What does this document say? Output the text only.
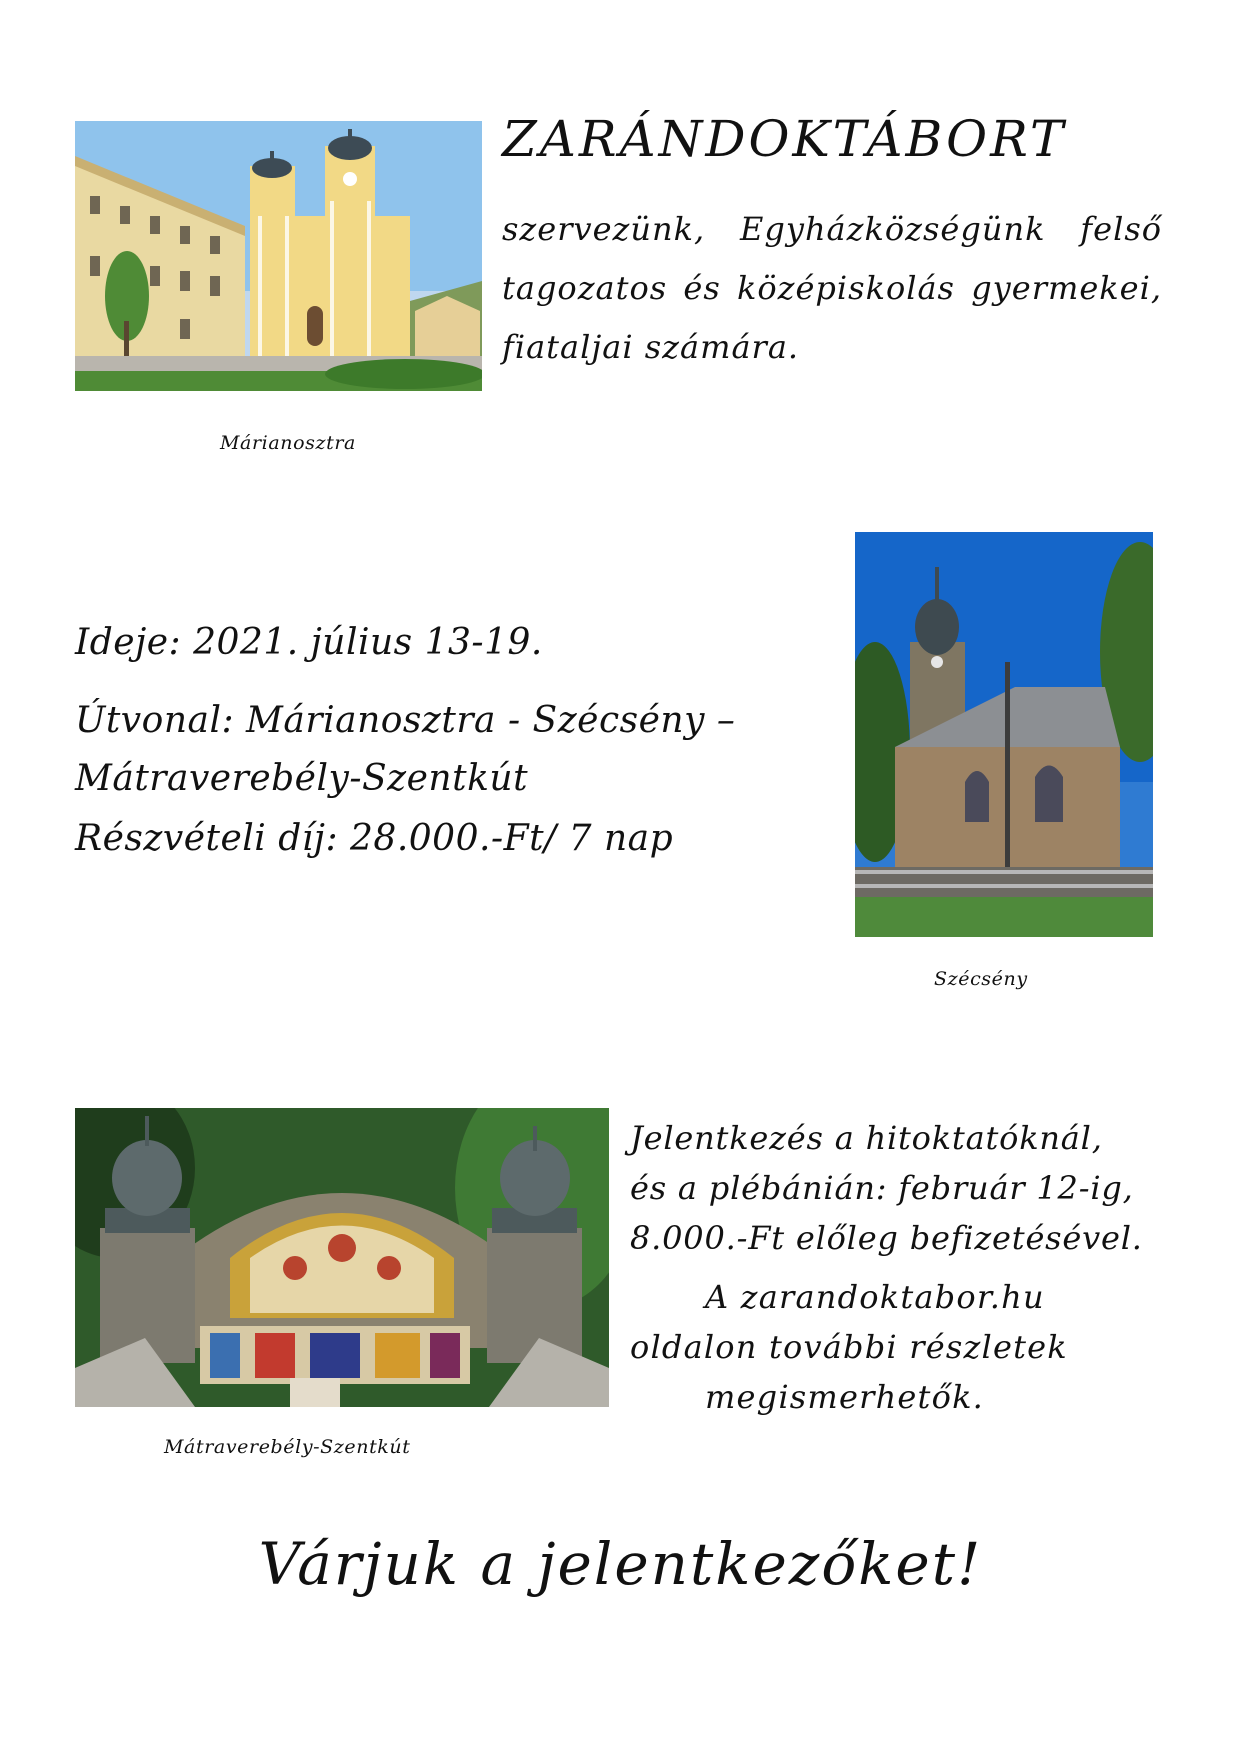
Márianosztra
ZARÁNDOKTÁBORT
szervezünk, Egyházközségünk felső tagozatos és középiskolás gyermekei, fiataljai számára.
Ideje: 2021. július 13-19.
Útvonal: Márianosztra - Szécsény –
Mátraverebély-Szentkút
Részvételi díj: 28.000.-Ft/ 7 nap
Szécsény
Mátraverebély-Szentkút
Jelentkezés a hitoktatóknál,
és a plébánián: február 12-ig,
8.000.-Ft előleg befizetésével.
A zarandoktabor.hu
oldalon további részletek
megismerhetők.
Várjuk a jelentkezőket!
